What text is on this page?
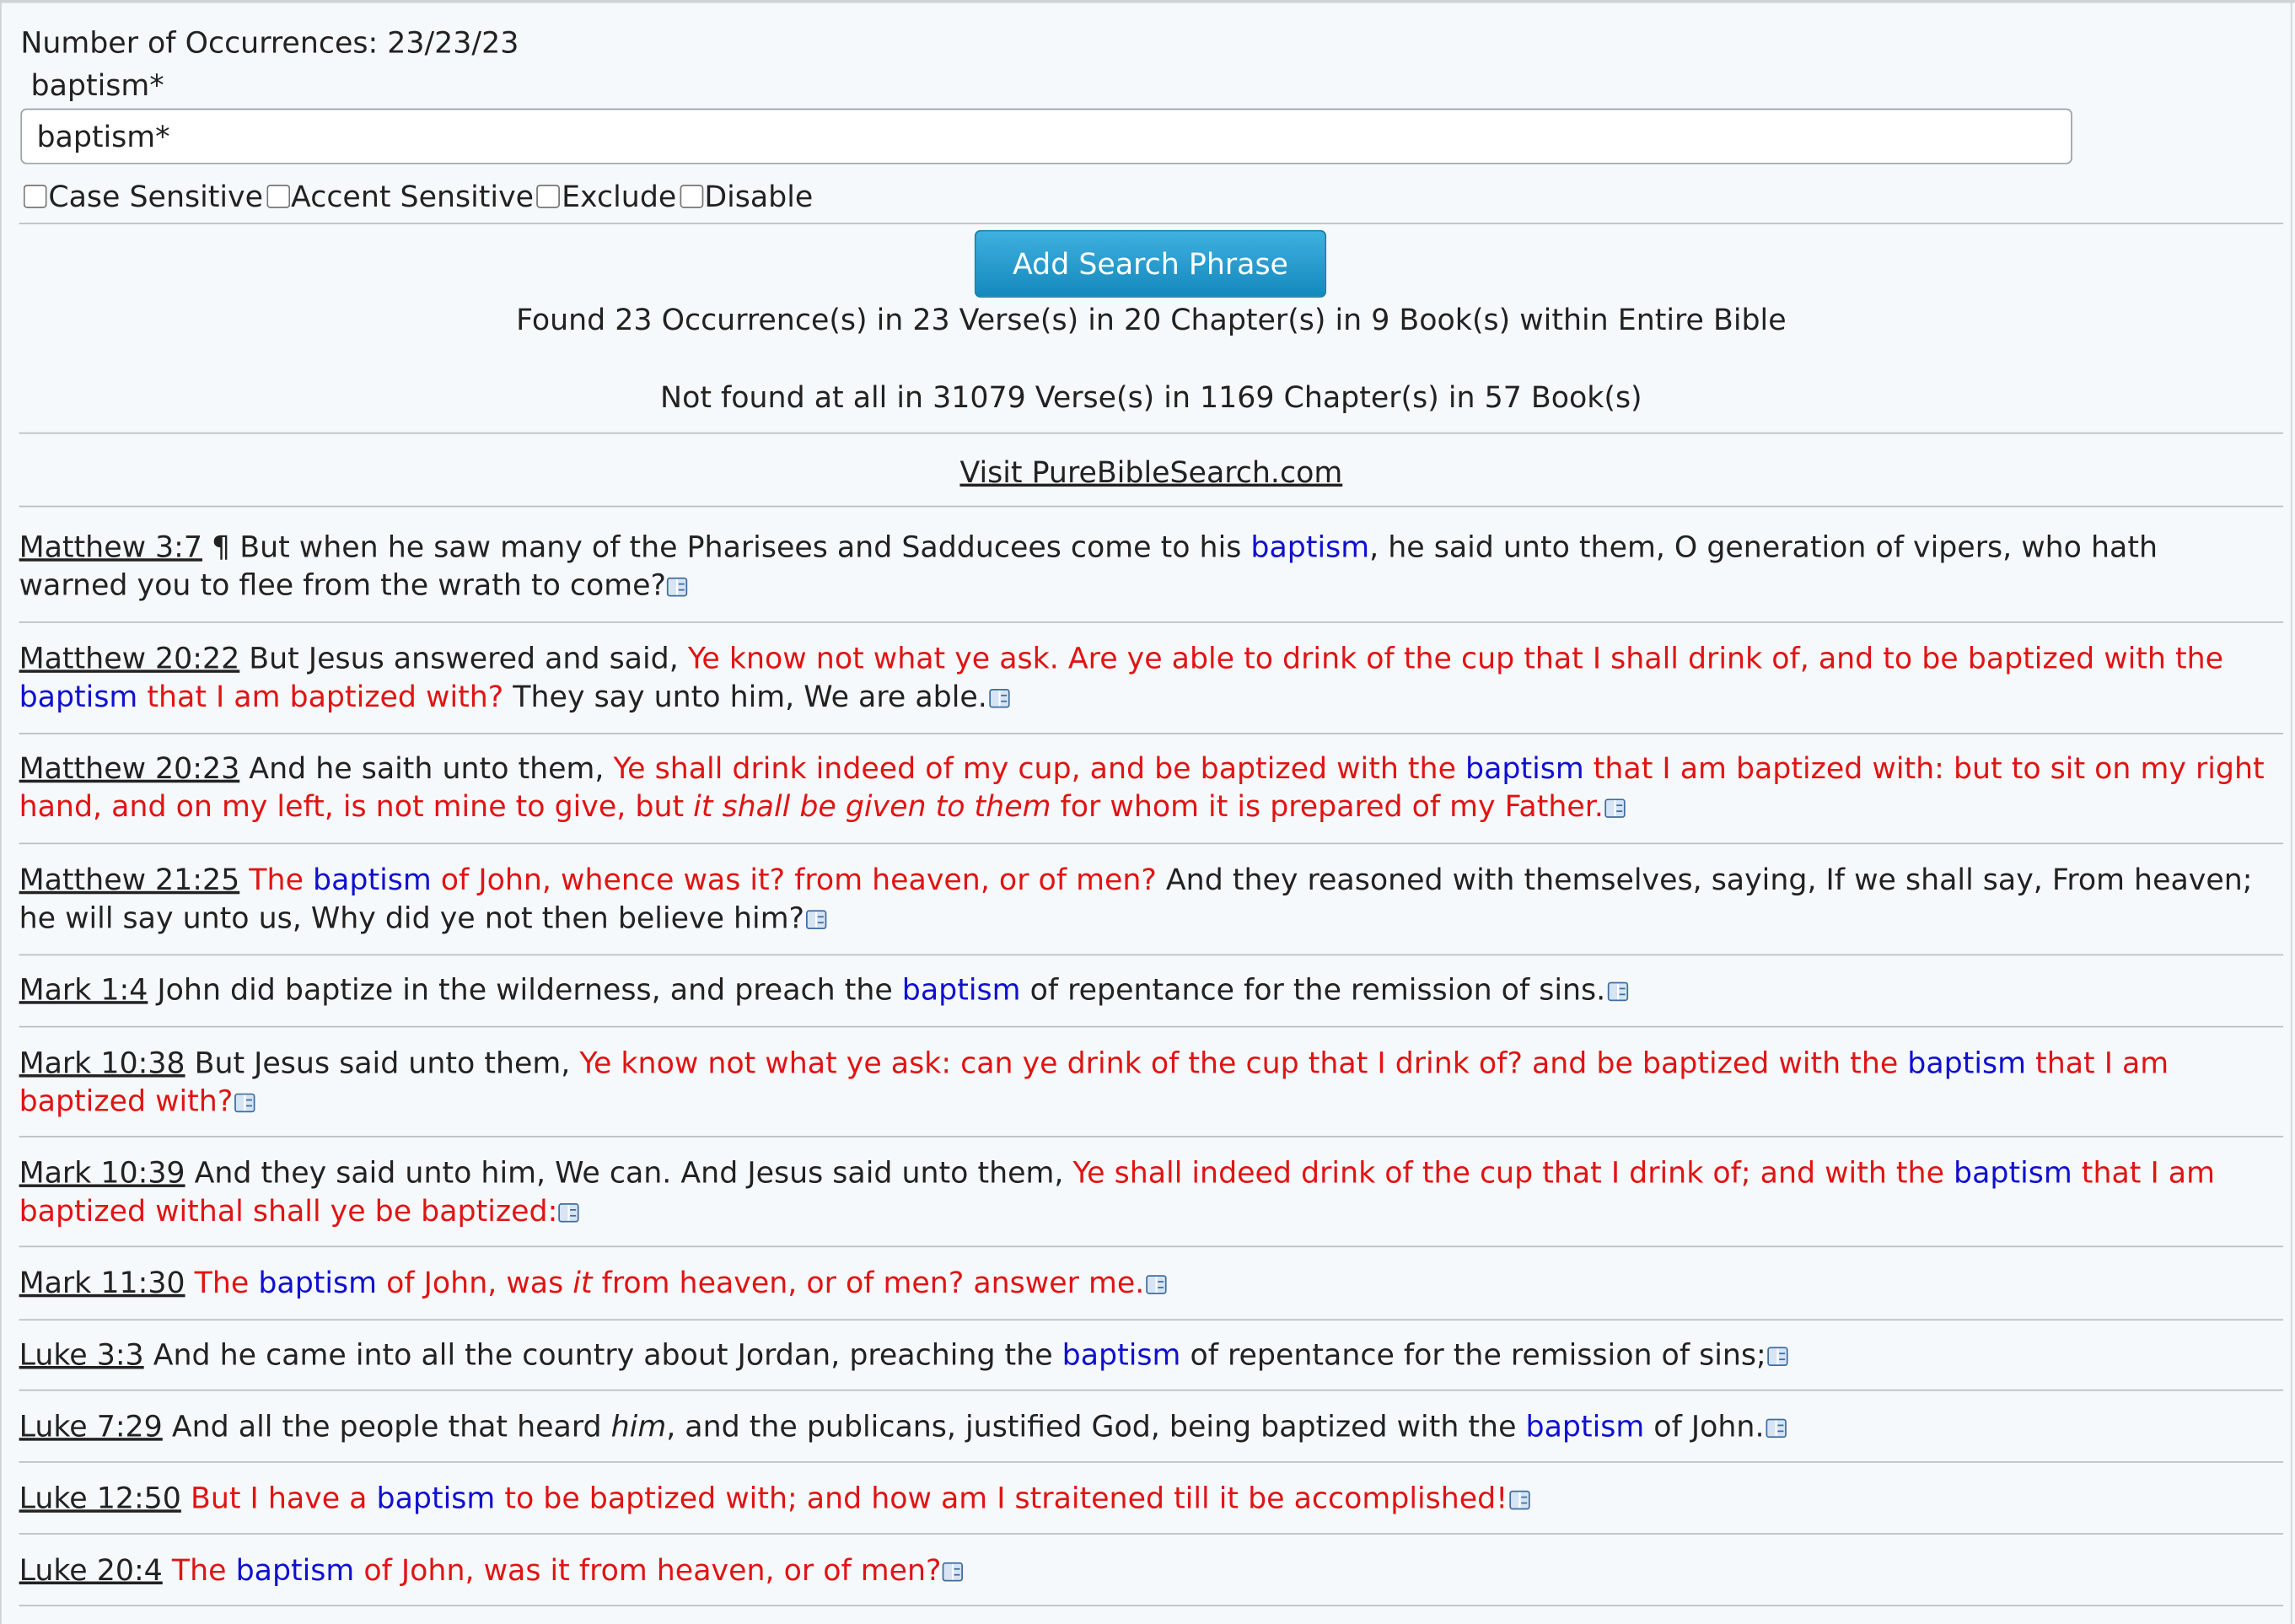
Number of Occurrences: 23/23/23
baptism*
baptism*
Case Sensitive Accent Sensitive Exclude Disable
Add Search Phrase
Found 23 Occurrence(s) in 23 Verse(s) in 20 Chapter(s) in 9 Book(s) within Entire Bible
Not found at all in 31079 Verse(s) in 1169 Chapter(s) in 57 Book(s)
Visit PureBibleSearch.com
Matthew 3:7 ¶ But when he saw many of the Pharisees and Sadducees come to his baptism, he said unto them, O generation of vipers, who hath warned you to flee from the wrath to come?
Matthew 20:22 But Jesus answered and said, Ye know not what ye ask. Are ye able to drink of the cup that I shall drink of, and to be baptized with the baptism that I am baptized with? They say unto him, We are able.
Matthew 20:23 And he saith unto them, Ye shall drink indeed of my cup, and be baptized with the baptism that I am baptized with: but to sit on my right hand, and on my left, is not mine to give, but it shall be given to them for whom it is prepared of my Father.
Matthew 21:25 The baptism of John, whence was it? from heaven, or of men? And they reasoned with themselves, saying, If we shall say, From heaven; he will say unto us, Why did ye not then believe him?
Mark 1:4 John did baptize in the wilderness, and preach the baptism of repentance for the remission of sins.
Mark 10:38 But Jesus said unto them, Ye know not what ye ask: can ye drink of the cup that I drink of? and be baptized with the baptism that I am baptized with?
Mark 10:39 And they said unto him, We can. And Jesus said unto them, Ye shall indeed drink of the cup that I drink of; and with the baptism that I am baptized withal shall ye be baptized:
Mark 11:30 The baptism of John, was it from heaven, or of men? answer me.
Luke 3:3 And he came into all the country about Jordan, preaching the baptism of repentance for the remission of sins;
Luke 7:29 And all the people that heard him, and the publicans, justified God, being baptized with the baptism of John.
Luke 12:50 But I have a baptism to be baptized with; and how am I straitened till it be accomplished!
Luke 20:4 The baptism of John, was it from heaven, or of men?
